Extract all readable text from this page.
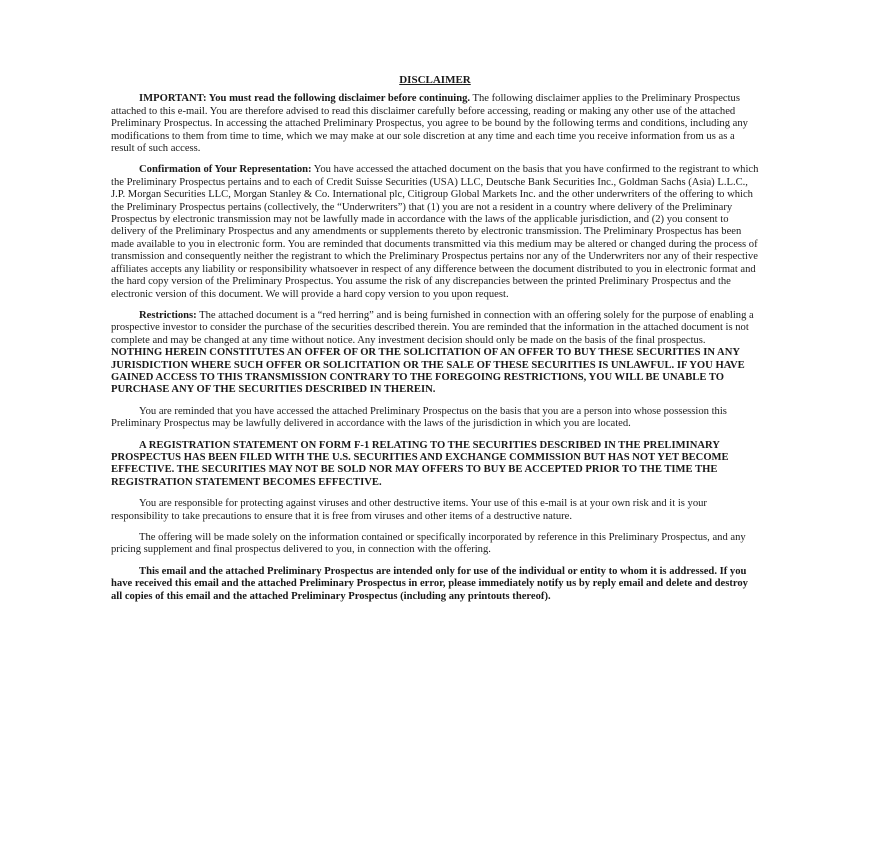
DISCLAIMER

IMPORTANT: You must read the following disclaimer before continuing. The following disclaimer applies to the Preliminary Prospectus attached to this e-mail. You are therefore advised to read this disclaimer carefully before accessing, reading or making any other use of the attached Preliminary Prospectus. In accessing the attached Preliminary Prospectus, you agree to be bound by the following terms and conditions, including any modifications to them from time to time, which we may make at our sole discretion at any time and each time you receive information from us as a result of such access.

Confirmation of Your Representation: You have accessed the attached document on the basis that you have confirmed to the registrant to which the Preliminary Prospectus pertains and to each of Credit Suisse Securities (USA) LLC, Deutsche Bank Securities Inc., Goldman Sachs (Asia) L.L.C., J.P. Morgan Securities LLC, Morgan Stanley & Co. International plc, Citigroup Global Markets Inc. and the other underwriters of the offering to which the Preliminary Prospectus pertains (collectively, the “Underwriters”) that (1) you are not a resident in a country where delivery of the Preliminary Prospectus by electronic transmission may not be lawfully made in accordance with the laws of the applicable jurisdiction, and (2) you consent to delivery of the Preliminary Prospectus and any amendments or supplements thereto by electronic transmission. The Preliminary Prospectus has been made available to you in electronic form. You are reminded that documents transmitted via this medium may be altered or changed during the process of transmission and consequently neither the registrant to which the Preliminary Prospectus pertains nor any of the Underwriters nor any of their respective affiliates accepts any liability or responsibility whatsoever in respect of any difference between the document distributed to you in electronic format and the hard copy version of the Preliminary Prospectus. You assume the risk of any discrepancies between the printed Preliminary Prospectus and the electronic version of this document. We will provide a hard copy version to you upon request.

Restrictions: The attached document is a “red herring” and is being furnished in connection with an offering solely for the purpose of enabling a prospective investor to consider the purchase of the securities described therein. You are reminded that the information in the attached document is not complete and may be changed at any time without notice. Any investment decision should only be made on the basis of the final prospectus. NOTHING HEREIN CONSTITUTES AN OFFER OF OR THE SOLICITATION OF AN OFFER TO BUY THESE SECURITIES IN ANY JURISDICTION WHERE SUCH OFFER OR SOLICITATION OR THE SALE OF THESE SECURITIES IS UNLAWFUL. IF YOU HAVE GAINED ACCESS TO THIS TRANSMISSION CONTRARY TO THE FOREGOING RESTRICTIONS, YOU WILL BE UNABLE TO PURCHASE ANY OF THE SECURITIES DESCRIBED IN THEREIN.

You are reminded that you have accessed the attached Preliminary Prospectus on the basis that you are a person into whose possession this Preliminary Prospectus may be lawfully delivered in accordance with the laws of the jurisdiction in which you are located.

A REGISTRATION STATEMENT ON FORM F-1 RELATING TO THE SECURITIES DESCRIBED IN THE PRELIMINARY PROSPECTUS HAS BEEN FILED WITH THE U.S. SECURITIES AND EXCHANGE COMMISSION BUT HAS NOT YET BECOME EFFECTIVE. THE SECURITIES MAY NOT BE SOLD NOR MAY OFFERS TO BUY BE ACCEPTED PRIOR TO THE TIME THE REGISTRATION STATEMENT BECOMES EFFECTIVE.

You are responsible for protecting against viruses and other destructive items. Your use of this e-mail is at your own risk and it is your responsibility to take precautions to ensure that it is free from viruses and other items of a destructive nature.

The offering will be made solely on the information contained or specifically incorporated by reference in this Preliminary Prospectus, and any pricing supplement and final prospectus delivered to you, in connection with the offering.

This email and the attached Preliminary Prospectus are intended only for use of the individual or entity to whom it is addressed. If you have received this email and the attached Preliminary Prospectus in error, please immediately notify us by reply email and delete and destroy all copies of this email and the attached Preliminary Prospectus (including any printouts thereof).
